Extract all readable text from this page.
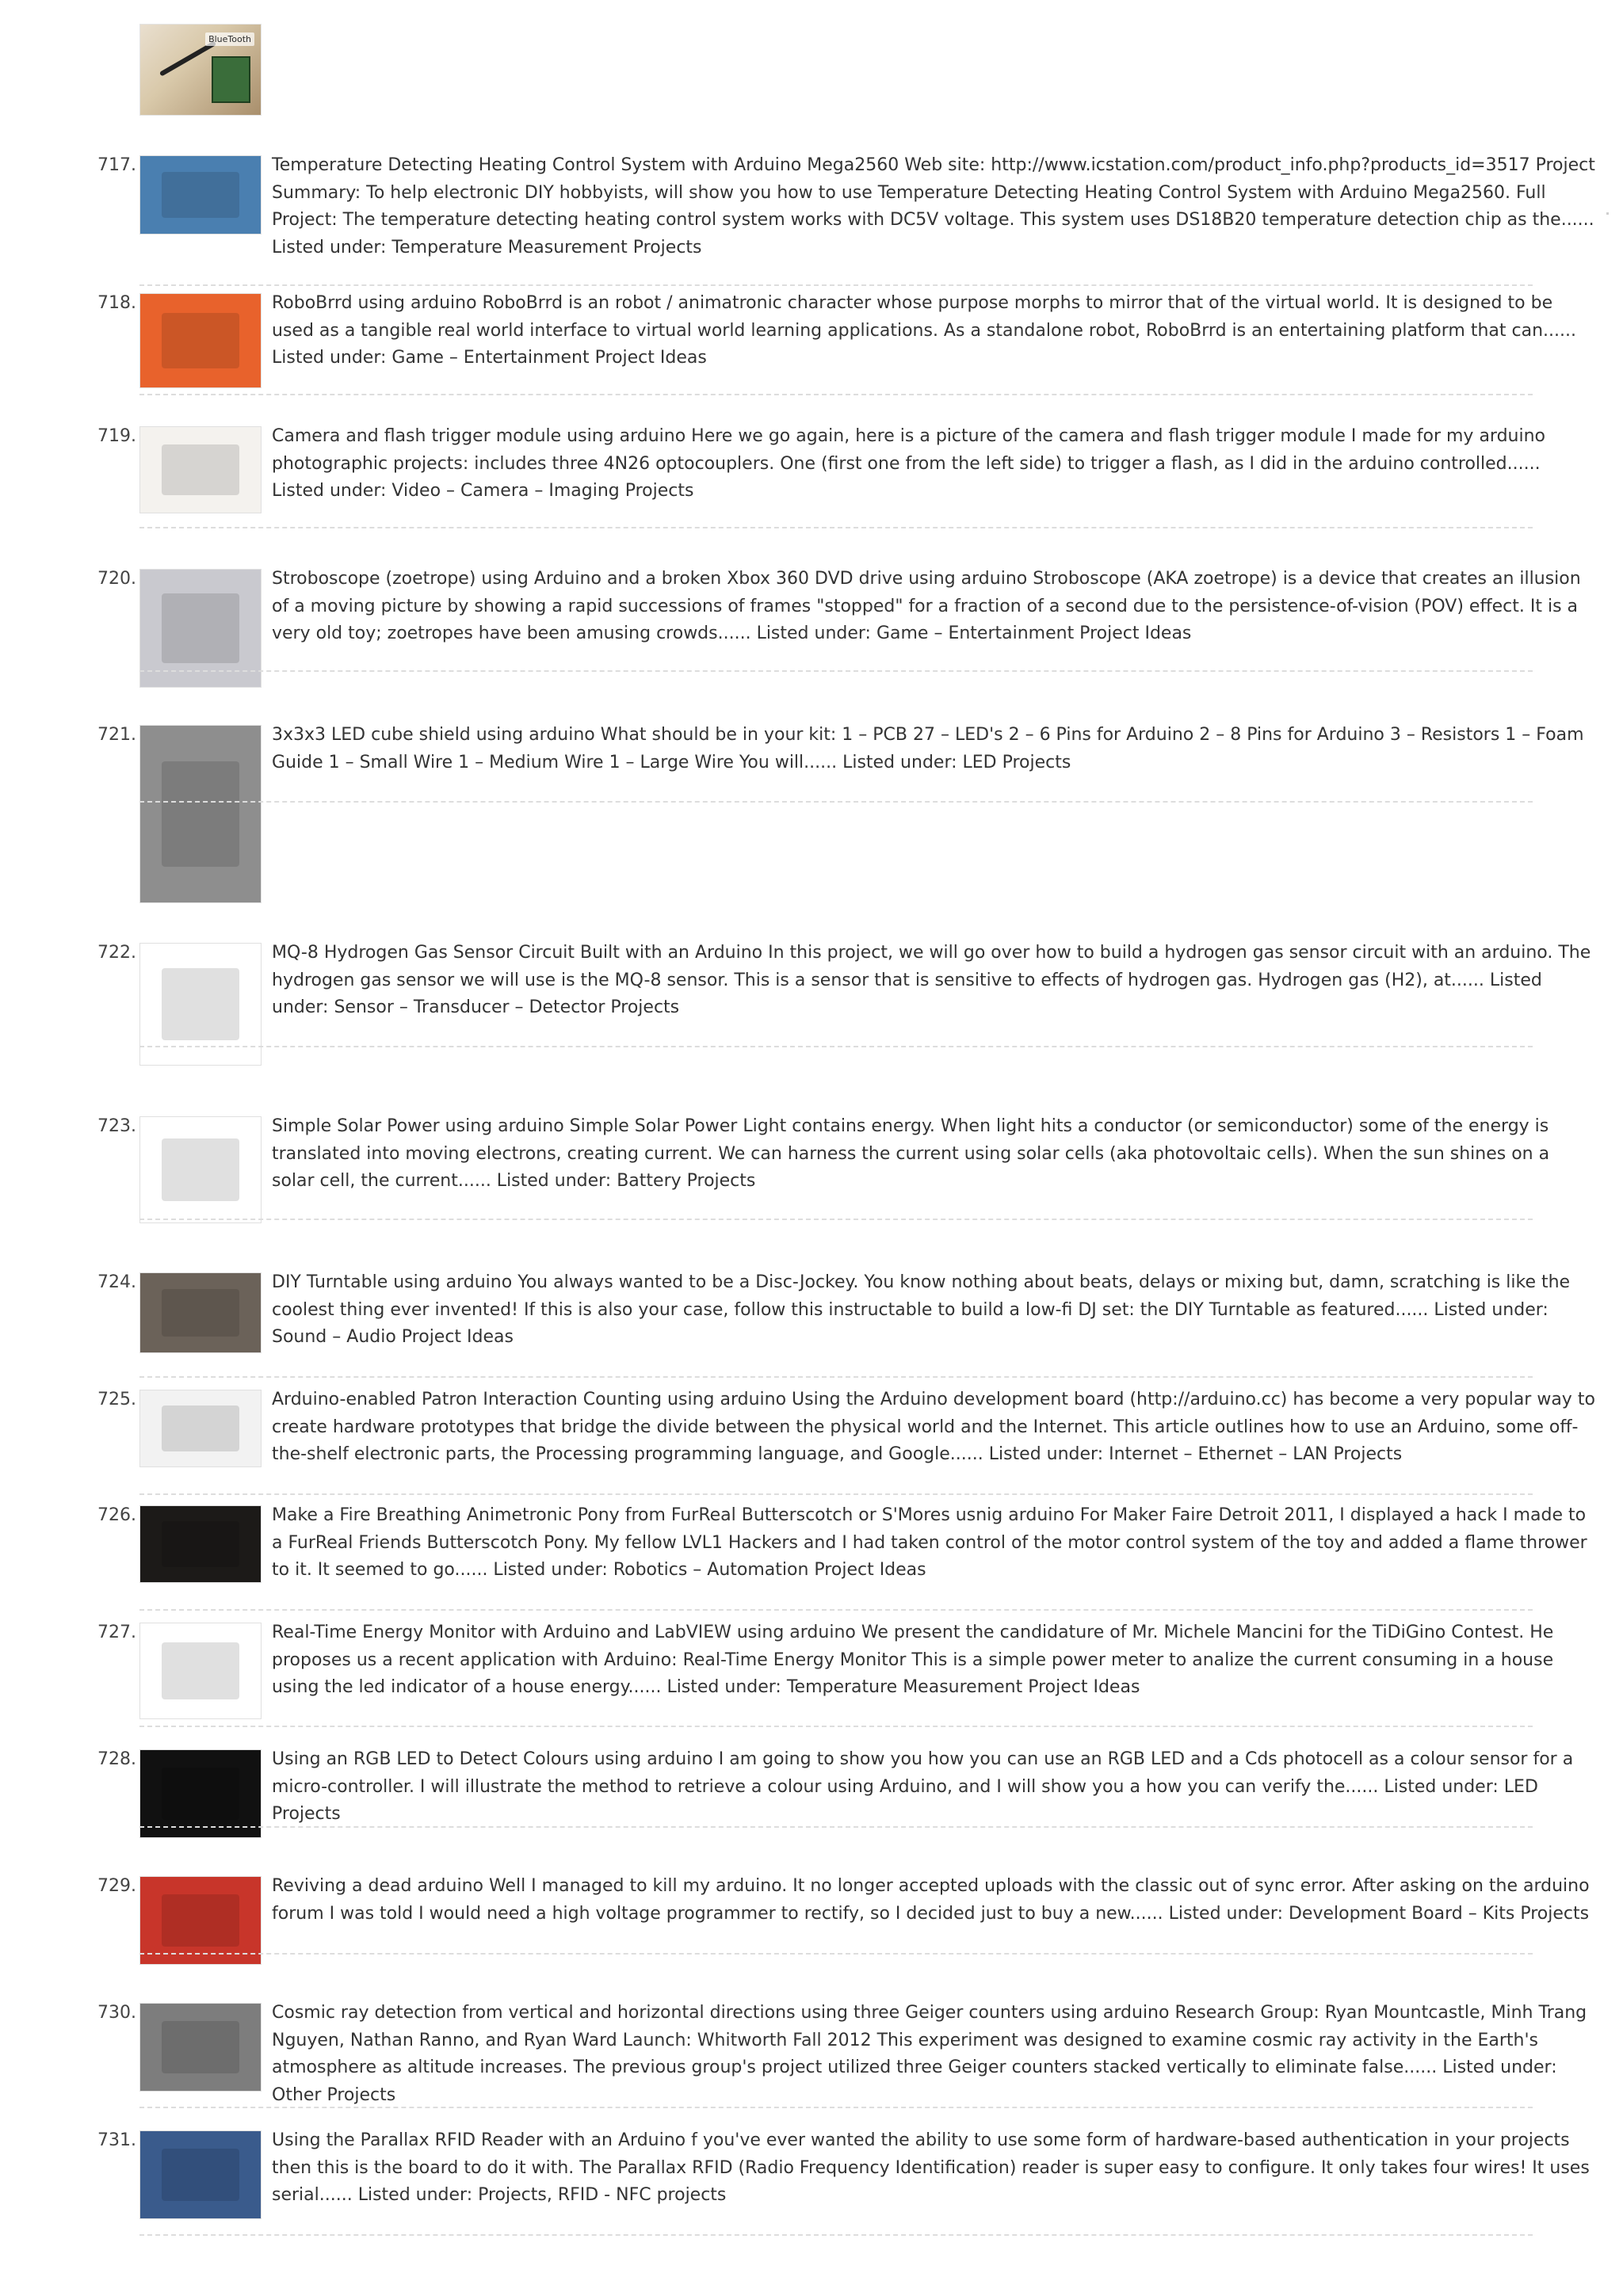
BlueTooth
717.	Temperature Detecting Heating Control System with Arduino Mega2560 Web site: http://www.icstation.com/product_info.php?products_id=3517 Project Summary: To help electronic DIY hobbyists, will show you how to use Temperature Detecting Heating Control System with Arduino Mega2560. Full Project: The temperature detecting heating control system works with DC5V voltage. This system uses DS18B20 temperature detection chip as the...... Listed under: Temperature Measurement Projects

718.	RoboBrrd using arduino RoboBrrd is an robot / animatronic character whose purpose morphs to mirror that of the virtual world. It is designed to be used as a tangible real world interface to virtual world learning applications. As a standalone robot, RoboBrrd is an entertaining platform that can...... Listed under: Game – Entertainment Project Ideas

719.	Camera and flash trigger module using arduino Here we go again, here is a picture of the camera and flash trigger module I made for my arduino photographic projects: includes three 4N26 optocouplers. One (first one from the left side) to trigger a flash, as I did in the arduino controlled...... Listed under: Video – Camera – Imaging Projects

720.	Stroboscope (zoetrope) using Arduino and a broken Xbox 360 DVD drive using arduino Stroboscope (AKA zoetrope) is a device that creates an illusion of a moving picture by showing a rapid successions of frames "stopped" for a fraction of a second due to the persistence-of-vision (POV) effect. It is a very old toy; zoetropes have been amusing crowds...... Listed under: Game – Entertainment Project Ideas

721.	3x3x3 LED cube shield using arduino What should be in your kit: 1 – PCB 27 – LED's 2 – 6 Pins for Arduino 2 – 8 Pins for Arduino 3 – Resistors 1 – Foam Guide 1 – Small Wire 1 – Medium Wire 1 – Large Wire You will...... Listed under: LED Projects

722.	MQ-8 Hydrogen Gas Sensor Circuit Built with an Arduino In this project, we will go over how to build a hydrogen gas sensor circuit with an arduino. The hydrogen gas sensor we will use is the MQ-8 sensor. This is a sensor that is sensitive to effects of hydrogen gas. Hydrogen gas (H2), at...... Listed under: Sensor – Transducer – Detector Projects

723.	Simple Solar Power using arduino Simple Solar Power Light contains energy. When light hits a conductor (or semiconductor) some of the energy is translated into moving electrons, creating current. We can harness the current using solar cells (aka photovoltaic cells). When the sun shines on a solar cell, the current...... Listed under: Battery Projects

724.	DIY Turntable using arduino You always wanted to be a Disc-Jockey. You know nothing about beats, delays or mixing but, damn, scratching is like the coolest thing ever invented! If this is also your case, follow this instructable to build a low-fi DJ set: the DIY Turntable as featured...... Listed under: Sound – Audio Project Ideas

725.	Arduino-enabled Patron Interaction Counting using arduino Using the Arduino development board (http://arduino.cc) has become a very popular way to create hardware prototypes that bridge the divide between the physical world and the Internet. This article outlines how to use an Arduino, some off-the-shelf electronic parts, the Processing programming language, and Google...... Listed under: Internet – Ethernet – LAN Projects

726.	Make a Fire Breathing Animetronic Pony from FurReal Butterscotch or S'Mores usnig arduino For Maker Faire Detroit 2011, I displayed a hack I made to a FurReal Friends Butterscotch Pony. My fellow LVL1 Hackers and I had taken control of the motor control system of the toy and added a flame thrower to it. It seemed to go...... Listed under: Robotics – Automation Project Ideas

727.	Real-Time Energy Monitor with Arduino and LabVIEW using arduino We present the candidature of Mr. Michele Mancini for the TiDiGino Contest. He proposes us a recent application with Arduino: Real-Time Energy Monitor This is a simple power meter to analize the current consuming in a house using the led indicator of a house energy...... Listed under: Temperature Measurement Project Ideas

728.	Using an RGB LED to Detect Colours using arduino I am going to show you how you can use an RGB LED and a Cds photocell as a colour sensor for a micro-controller. I will illustrate the method to retrieve a colour using Arduino, and I will show you a how you can verify the...... Listed under: LED Projects

729.	Reviving a dead arduino Well I managed to kill my arduino. It no longer accepted uploads with the classic out of sync error. After asking on the arduino forum I was told I would need a high voltage programmer to rectify, so I decided just to buy a new...... Listed under: Development Board – Kits Projects

730.	Cosmic ray detection from vertical and horizontal directions using three Geiger counters using arduino Research Group: Ryan Mountcastle, Minh Trang Nguyen, Nathan Ranno, and Ryan Ward Launch: Whitworth Fall 2012 This experiment was designed to examine cosmic ray activity in the Earth's atmosphere as altitude increases. The previous group's project utilized three Geiger counters stacked vertically to eliminate false...... Listed under: Other Projects

731.	Using the Parallax RFID Reader with an Arduino f you've ever wanted the ability to use some form of hardware-based authentication in your projects then this is the board to do it with. The Parallax RFID (Radio Frequency Identification) reader is super easy to configure. It only takes four wires! It uses serial...... Listed under: Projects, RFID - NFC projects
